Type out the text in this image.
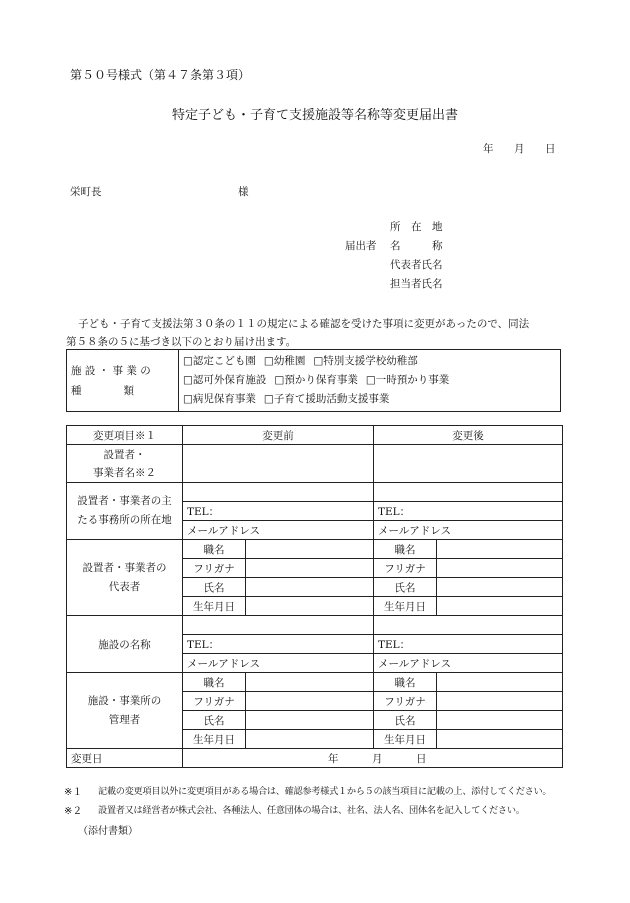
第５０号様式（第４７条第３項）
特定子ども・子育て支援施設等名称等変更届出書
年 月 日
栄町長	様
所　在　地
届出者 名　　　称
代表者氏名
担当者氏名
子ども・子育て支援法第３０条の１１の規定による確認を受けた事項に変更があったので、同法
第５８条の５に基づき以下のとおり届け出ます。
施 設 ・ 事 業 の
種　　　　類

□認定こども園 □幼稚園 □特別支援学校幼稚部
□認可外保育施設 □預かり保育事業 □一時預かり事業
□病児保育事業 □子育て援助活動支援事業
変更項目※１	変更前		変更後	

設置者・
事業者名※２				

設置者・事業者の主
たる事務所の所在地				

	TEL：		TEL：	
	メールアドレス		メールアドレス	

設置者・事業者の
代表者	職名		職名	
	フリガナ		フリガナ	
	氏名		氏名	
	生年月日		生年月日	
施設の名称				
	TEL：		TEL：	
	メールアドレス		メールアドレス	

施設・事業所の
管理者	職名		職名	
	フリガナ		フリガナ	
	氏名		氏名	
	生年月日		生年月日	
変更日	年 月 日			
※１ 記載の変更項目以外に変更項目がある場合は、確認参考様式１から５の該当項目に記載の上、添付してください。
※２ 設置者又は経営者が株式会社、各種法人、任意団体の場合は、社名、法人名、団体名を記入してください。
（添付書類）
